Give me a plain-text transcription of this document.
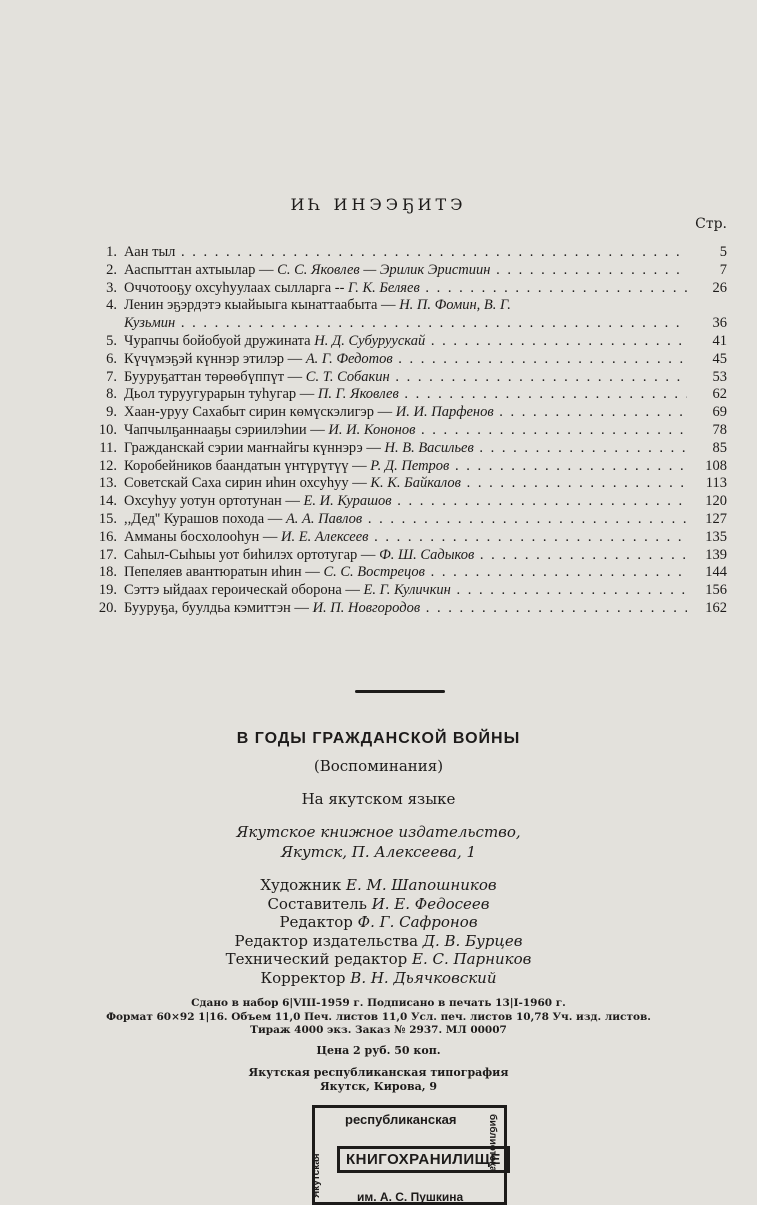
ИҺ ИНЭЭҔИТЭ
Стр.
1. Аан тыл . . .	5
2. Ааспыттан ахтыылар — С. С. Яковлев — Эрилик Эристиин . . .	7
3. Оччотооҕу охсуһуулаах сыллар​га -- Г. К. Беляев . . .	26
4. Ленин эҕэрдэтэ кыайыыга кынаттаабыта — Н. П. Фомин, В. Г.
Кузьмин . . .	36
5. Чурапчы бойобуой дружината Н. Д. Субуруускай . . .	41
6. Күчүмэҕэй күннэр этилэр — А. Г. Федотов . . .	45
7. Бууруҕаттан төрөөбүппүт — С. Т. Собакин . . .	53
8. Дьол туруугурарын туһугар — П. Г. Яковлев . . .	62
9. Хаан-уруу Сахабыт сирин көмүскэлигэр — И. И. Парфенов . . .	69
10. Чапчылҕаннааҕы сэриилэһии — И. И. Кононов . . .	78
11. Гражданскай сэрии маҥнайгы күннэрэ — Н. В. Васильев . . .	85
12. Коробейников баандатын үнтүрүтүү — Р. Д. Петров . . .	108
13. Советскай Саха сирин иһин охсуһуу — К. К. Байкалов . . .	113
14. Охсуһуу уотун ортотунан — Е. И. Курашов . . .	120
15. ,,Дед'' Курашов похода — А. А. Павлов . . .	127
16. Амманы босхолооһун — И. Е. Алексеев . . .	135
17. Саһыл-Сыһыы уот биһилэх ортотугар — Ф. Ш. Садыков . . .	139
18. Пепеляев авантюратын иһин — С. С. Вострецов . . .	144
19. Сэттэ ыйдаах героическай оборона — Е. Г. Куличкин . . .	156
20. Бууруҕа, буулдьа кэмиттэн — И. П. Новгородов . . .	162
В ГОДЫ ГРАЖДАНСКОЙ ВОЙНЫ
(Воспоминания)
На якутском языке
Якутское книжное издательство,
Якутск, П. Алексеева, 1
Художник Е. М. Шапошников
Составитель И. Е. Федосеев
Редактор Ф. Г. Сафронов
Редактор издательства Д. В. Бурцев
Технический редактор Е. С. Парников
Корректор В. Н. Дьячковский
Сдано в набор 6|VIII-1959 г. Подписано в печать 13|I-1960 г.
Формат 60×92 1|16. Объем 11,0 Печ. листов 11,0 Усл. печ. листов 10,78 Уч. изд. листов.
Тираж 4000 экз. Заказ № 2937. МЛ 00007
Цена 2 руб. 50 коп.
Якутская республиканская типография
Якутск, Кирова, 9
республиканская
КНИГОХРАНИЛИЩЕ
им. А. С. Пушкина
Якутская
библиотека
